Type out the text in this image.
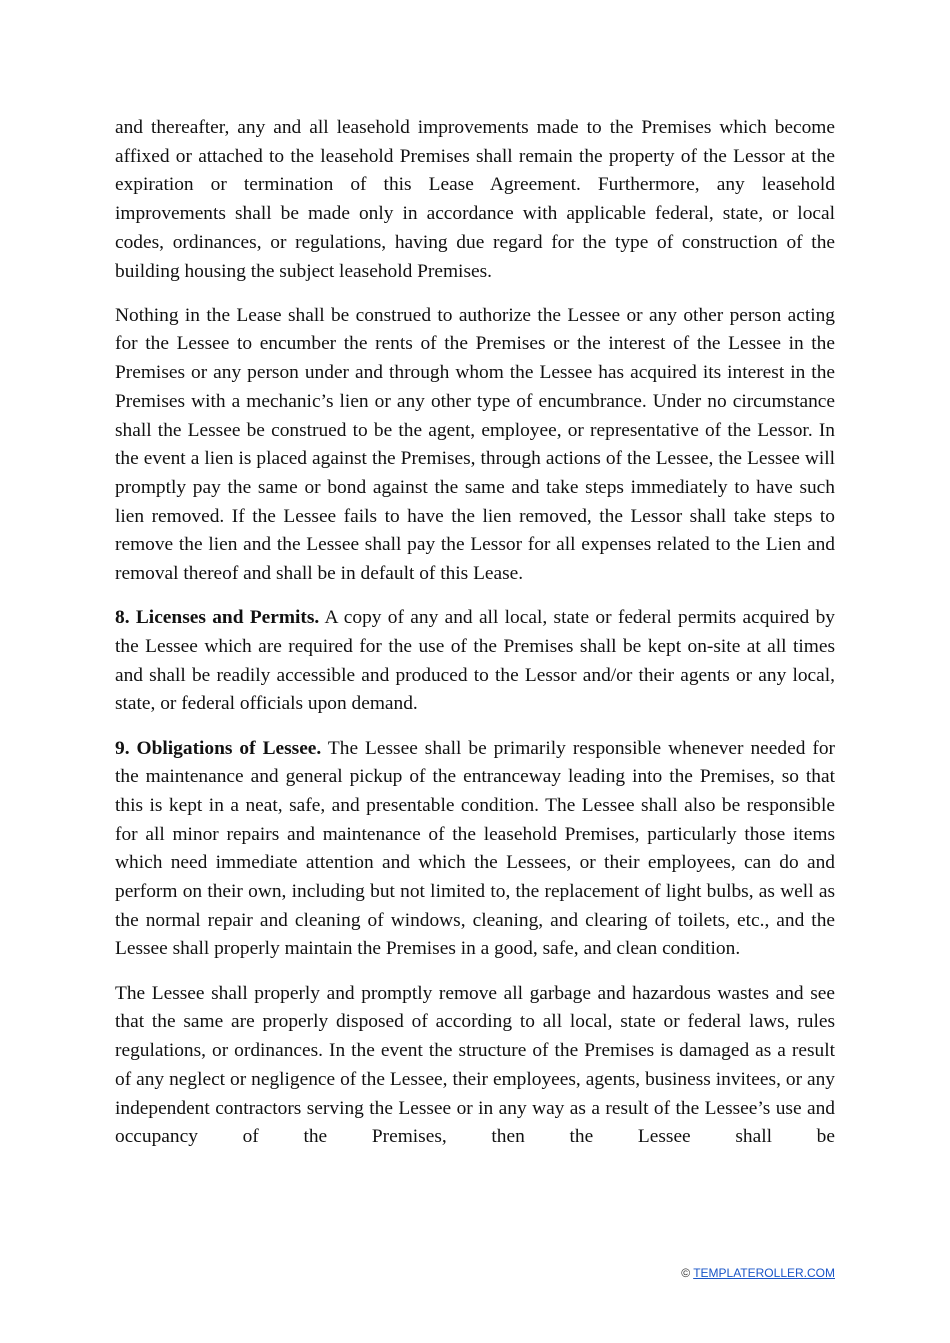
and thereafter, any and all leasehold improvements made to the Premises which become affixed or attached to the leasehold Premises shall remain the property of the Lessor at the expiration or termination of this Lease Agreement. Furthermore, any leasehold improvements shall be made only in accordance with applicable federal, state, or local codes, ordinances, or regulations, having due regard for the type of construction of the building housing the subject leasehold Premises.

Nothing in the Lease shall be construed to authorize the Lessee or any other person acting for the Lessee to encumber the rents of the Premises or the interest of the Lessee in the Premises or any person under and through whom the Lessee has acquired its interest in the Premises with a mechanic’s lien or any other type of encumbrance. Under no circumstance shall the Lessee be construed to be the agent, employee, or representative of the Lessor. In the event a lien is placed against the Premises, through actions of the Lessee, the Lessee will promptly pay the same or bond against the same and take steps immediately to have such lien removed. If the Lessee fails to have the lien removed, the Lessor shall take steps to remove the lien and the Lessee shall pay the Lessor for all expenses related to the Lien and removal thereof and shall be in default of this Lease.

8. Licenses and Permits. A copy of any and all local, state or federal permits acquired by the Lessee which are required for the use of the Premises shall be kept on-site at all times and shall be readily accessible and produced to the Lessor and/or their agents or any local, state, or federal officials upon demand.

9. Obligations of Lessee. The Lessee shall be primarily responsible whenever needed for the maintenance and general pickup of the entranceway leading into the Premises, so that this is kept in a neat, safe, and presentable condition. The Lessee shall also be responsible for all minor repairs and maintenance of the leasehold Premises, particularly those items which need immediate attention and which the Lessees, or their employees, can do and perform on their own, including but not limited to, the replacement of light bulbs, as well as the normal repair and cleaning of windows, cleaning, and clearing of toilets, etc., and the Lessee shall properly maintain the Premises in a good, safe, and clean condition.

The Lessee shall properly and promptly remove all garbage and hazardous wastes and see that the same are properly disposed of according to all local, state or federal laws, rules regulations, or ordinances. In the event the structure of the Premises is damaged as a result of any neglect or negligence of the Lessee, their employees, agents, business invitees, or any independent contractors serving the Lessee or in any way as a result of the Lessee’s use and occupancy of the Premises, then the Lessee shall be

© TEMPLATEROLLER.COM
